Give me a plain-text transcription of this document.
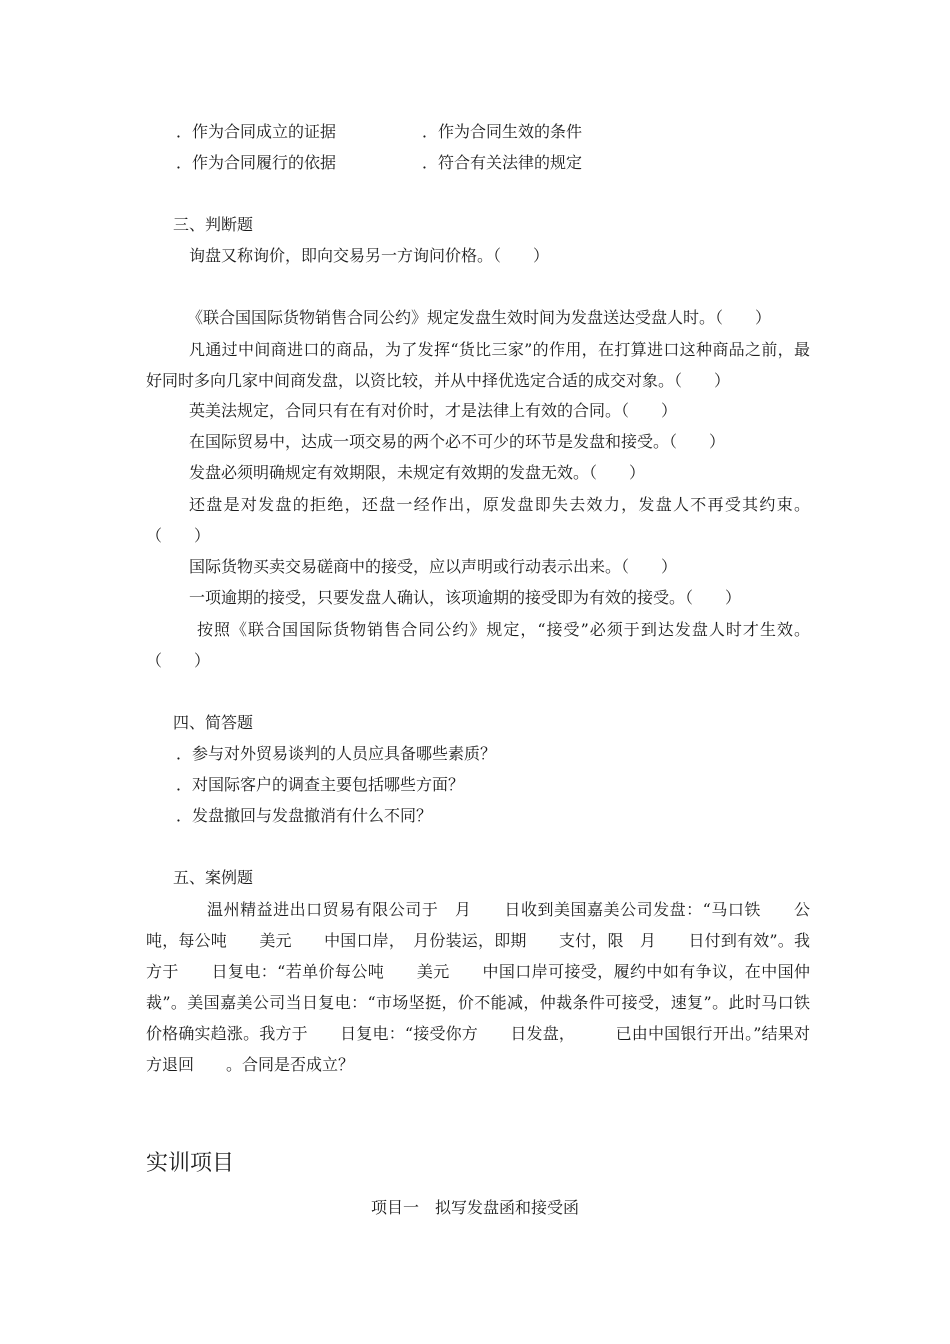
．作为合同成立的证据	．作为合同生效的条件
．作为合同履行的依据	．符合有关法律的规定
三、判断题
询盘又称询价，即向交易另一方询问价格。（　　）
《联合国国际货物销售合同公约》规定发盘生效时间为发盘送达受盘人时。（　　）
凡通过中间商进口的商品，为了发挥“货比三家”的作用，在打算进口这种商品之前，最好同时多向几家中间商发盘，以资比较，并从中择优选定合适的成交对象。（　　）
英美法规定，合同只有在有对价时，才是法律上有效的合同。（　　）
在国际贸易中，达成一项交易的两个必不可少的环节是发盘和接受。（　　）
发盘必须明确规定有效期限，未规定有效期的发盘无效。（　　）
还盘是对发盘的拒绝，还盘一经作出，原发盘即失去效力，发盘人不再受其约束。（　　）
国际货物买卖交易磋商中的接受，应以声明或行动表示出来。（　　）
一项逾期的接受，只要发盘人确认，该项逾期的接受即为有效的接受。（　　）
按照《联合国国际货物销售合同公约》规定，“接受”必须于到达发盘人时才生效。（　　）
四、简答题
．参与对外贸易谈判的人员应具备哪些素质？
．对国际客户的调查主要包括哪些方面？
．发盘撤回与发盘撤消有什么不同？
五、案例题
　　温州精益进出口贸易有限公司于　月　　日收到美国嘉美公司发盘：“马口铁　　公吨，每公吨　　美元　　中国口岸，　月份装运，即期　　支付，限　月　　日付到有效”。我方于　　日复电：“若单价每公吨　　美元　　中国口岸可接受，履约中如有争议，在中国仲裁”。美国嘉美公司当日复电：“市场坚挺，价不能减，仲裁条件可接受，速复”。此时马口铁价格确实趋涨。我方于　　日复电：“接受你方　　日发盘，　　　已由中国银行开出。”结果对方退回　　。合同是否成立？
实训项目
项目一　拟写发盘函和接受函
